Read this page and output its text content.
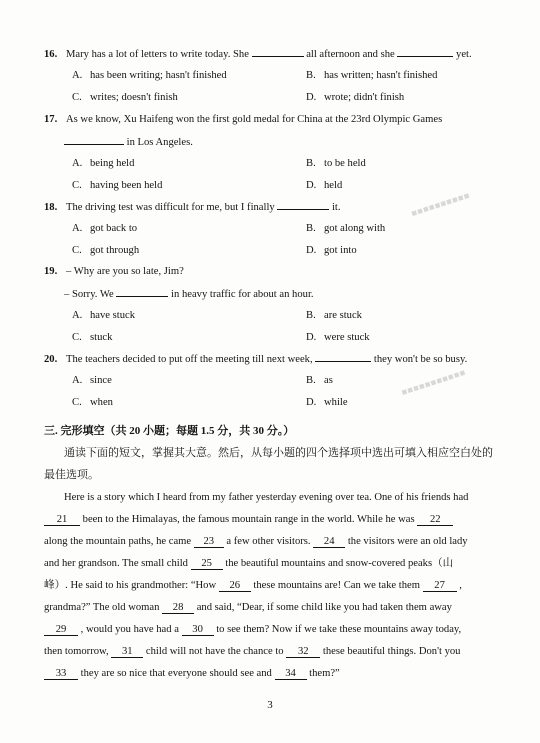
16. Mary has a lot of letters to write today. She	all afternoon and she	yet.
A. has been writing; hasn't finished	B. has written; hasn't finished
C. writes; doesn't finish	D. wrote; didn't finish
17. As we know, Xu Haifeng won the first gold medal for China at the 23rd Olympic Games
in Los Angeles.
A. being held	B. to be held
C. having been held	D. held
18. The driving test was difficult for me, but I finally	it.
A. got back to	B. got along with
C. got through	D. got into
19. – Why are you so late, Jim?
– Sorry. We	in heavy traffic for about an hour.
A. have stuck	B. are stuck
C. stuck	D. were stuck
20. The teachers decided to put off the meeting till next week,	they won't be so busy.
A. since	B. as
C. when	D. while
三. 完形填空（共 20 小题；每题 1.5 分，共 30 分。）
通读下面的短文，掌握其大意。然后，从每小题的四个选择项中选出可填入相应空白处的
最佳选项。
Here is a story which I heard from my father yesterday evening over tea. One of his friends had
21 been to the Himalayas, the famous mountain range in the world. While he was 22
along the mountain paths, he came 23 a few other visitors. 24 the visitors were an old lady
and her grandson. The small child 25 the beautiful mountains and snow-covered peaks（山
峰）. He said to his grandmother: “How 26 these mountains are! Can we take them 27 ,
grandma?” The old woman 28 and said, “Dear, if some child like you had taken them away
29 , would you have had a 30 to see them? Now if we take these mountains away today,
then tomorrow, 31 child will not have the chance to 32 these beautiful things. Don't you
33 they are so nice that everyone should see and 34 them?”
3
▪▪▪▪▪▪▪▪▪▪
▪▪▪▪▪▪▪▪▪▪▪
